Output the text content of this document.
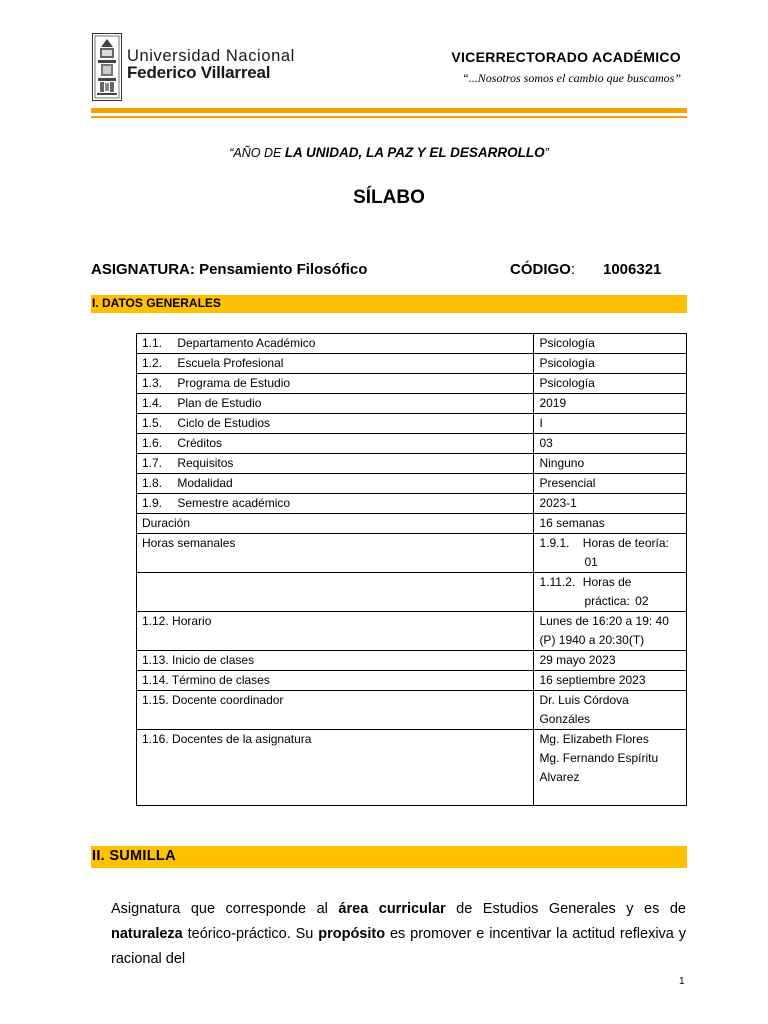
Universidad Nacional
Federico Villarreal
VICERRECTORADO ACADÉMICO
“...Nosotros somos el cambio que buscamos”
“AÑO DE LA UNIDAD, LA PAZ Y EL DESARROLLO”
SÍLABO
ASIGNATURA: Pensamiento Filosófico	CÓDIGO: 1006321
I. DATOS GENERALES
1.1. Departamento Académico	Psicología
1.2. Escuela Profesional	Psicología
1.3. Programa de Estudio	Psicología
1.4. Plan de Estudio	2019
1.5. Ciclo de Estudios	I
1.6. Créditos	03
1.7. Requisitos	Ninguno
1.8. Modalidad	Presencial
1.9. Semestre académico	2023-1
Duración	16 semanas
Horas semanales	1.9.1. Horas de teoría:
01
	1.11.2. Horas de
práctica: 02
1.12. Horario	Lunes de 16:20 a 19: 40
(P) 1940 a 20:30(T)
1.13. Inicio de clases	29 mayo 2023
1.14. Término de clases	16 septiembre 2023
1.15. Docente coordinador	Dr. Luis Córdova
Gonzáles
1.16. Docentes de la asignatura	Mg. Elizabeth Flores
Mg. Fernando Espíritu
Alvarez
II. SUMILLA
Asignatura que corresponde al área curricular de Estudios Generales y es de naturaleza teórico-práctico. Su propósito es promover e incentivar la actitud reflexiva y racional del
1
